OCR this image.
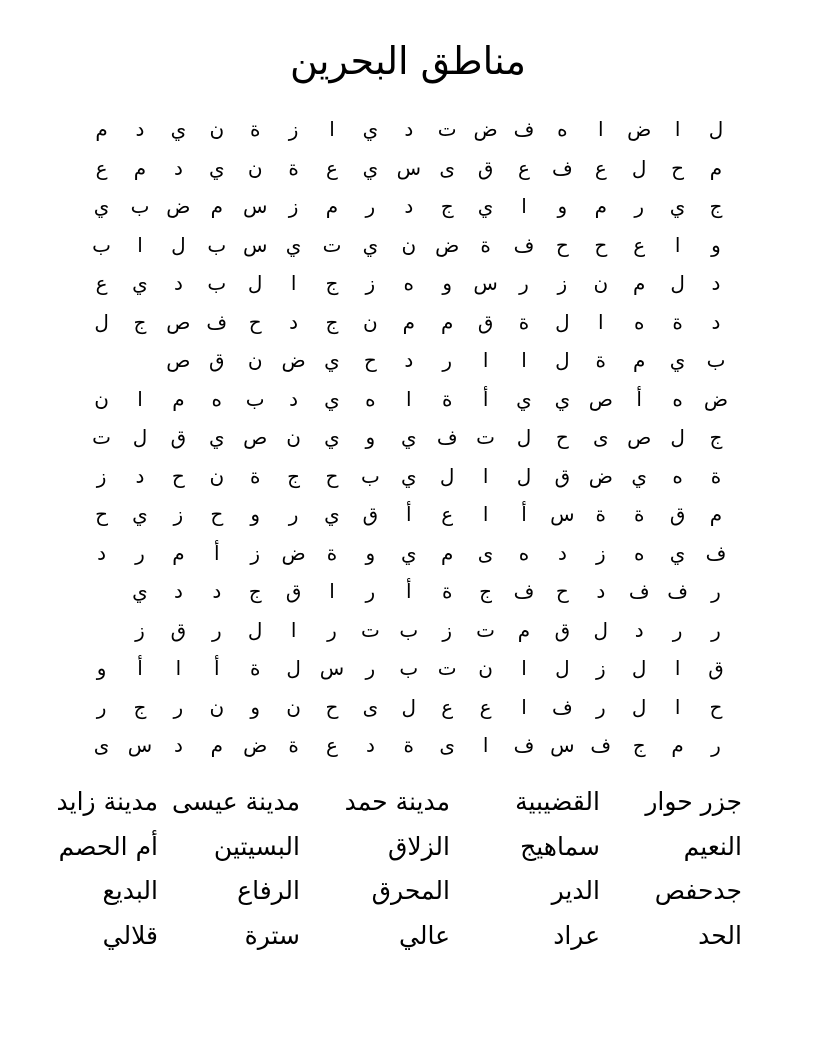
مناطق البحرين
ل
ا
ض
ا
ه
ف
ض
ت
د
ي
ا
ز
ة
ن
ي
د
م
م
ح
ل
ع
ف
ع
ق
ى
س
ي
ع
ة
ن
ي
د
م
ع
ج
ي
ر
م
و
ا
ي
ج
د
ر
م
ز
س
م
ض
ب
ي
و
ا
ع
ح
ح
ف
ة
ض
ن
ي
ت
ي
س
ب
ل
ا
ب
د
ل
م
ن
ز
ر
س
و
ه
ز
ج
ا
ل
ب
د
ي
ع
د
ة
ه
ا
ل
ة
ق
م
م
ن
ج
د
ح
ف
ص
ج
ل
ب
ي
م
ة
ل
ا
ا
ر
د
ح
ي
ض
ن
ق
ص
ض
ه
أ
ص
ي
ي
أ
ة
ا
ه
ي
د
ب
ه
م
ا
ن
ج
ل
ص
ى
ح
ل
ت
ف
ي
و
ي
ن
ص
ي
ق
ل
ت
ة
ه
ي
ض
ق
ل
ا
ل
ي
ب
ح
ج
ة
ن
ح
د
ز
م
ق
ة
ة
س
أ
ا
ع
أ
ق
ي
ر
و
ح
ز
ي
ح
ف
ي
ه
ز
د
ه
ى
م
ي
و
ة
ض
ز
أ
م
ر
د
ر
ف
ف
د
ح
ف
ج
ة
أ
ر
ا
ق
ج
د
د
ي
ر
ر
د
ل
ق
م
ت
ز
ب
ت
ر
ا
ل
ر
ق
ز
ق
ا
ل
ز
ل
ا
ن
ت
ب
ر
س
ل
ة
أ
ا
أ
و
ح
ا
ل
ر
ف
ا
ع
ع
ل
ى
ح
ن
و
ن
ر
ج
ر
ر
م
ج
ف
س
ف
ا
ى
ة
د
ع
ة
ض
م
د
س
ى
جزر حوار
القضيبية
مدينة حمد
مدينة عيسى
مدينة زايد
النعيم
سماهيج
الزلاق
البسيتين
أم الحصم
جدحفص
الدير
المحرق
الرفاع
البديع
الحد
عراد
عالي
سترة
قلالي
